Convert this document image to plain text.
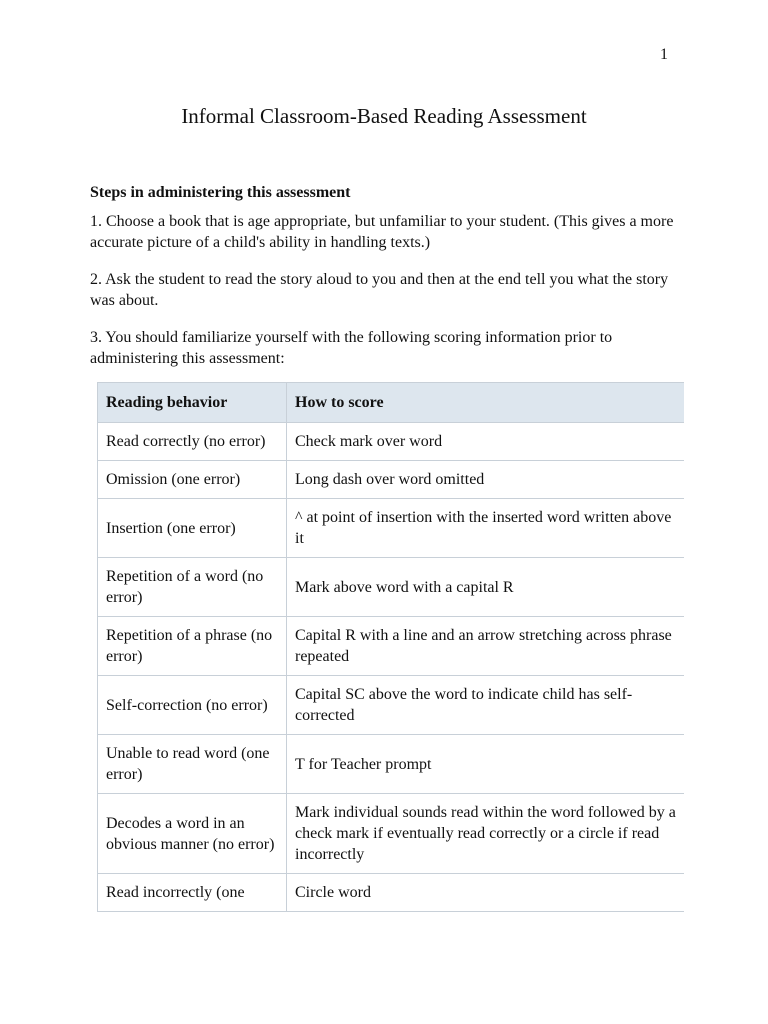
1
Informal Classroom-Based Reading Assessment
Steps in administering this assessment

1. Choose a book that is age appropriate, but unfamiliar to your student. (This gives a more accurate picture of a child's ability in handling texts.)

2. Ask the student to read the story aloud to you and then at the end tell you what the story was about.

3. You should familiarize yourself with the following scoring information prior to administering this assessment:

Reading behavior	How to score
Read correctly (no error)	Check mark over word
Omission (one error)	Long dash over word omitted
Insertion (one error)	^ at point of insertion with the inserted word written above it
Repetition of a word (no error)	Mark above word with a capital R
Repetition of a phrase (no error)	Capital R with a line and an arrow stretching across phrase repeated
Self-correction (no error)	Capital SC above the word to indicate child has self-corrected
Unable to read word (one error)	T for Teacher prompt
Decodes a word in an obvious manner (no error)	Mark individual sounds read within the word followed by a check mark if eventually read correctly or a circle if read incorrectly
Read incorrectly (one	Circle word
